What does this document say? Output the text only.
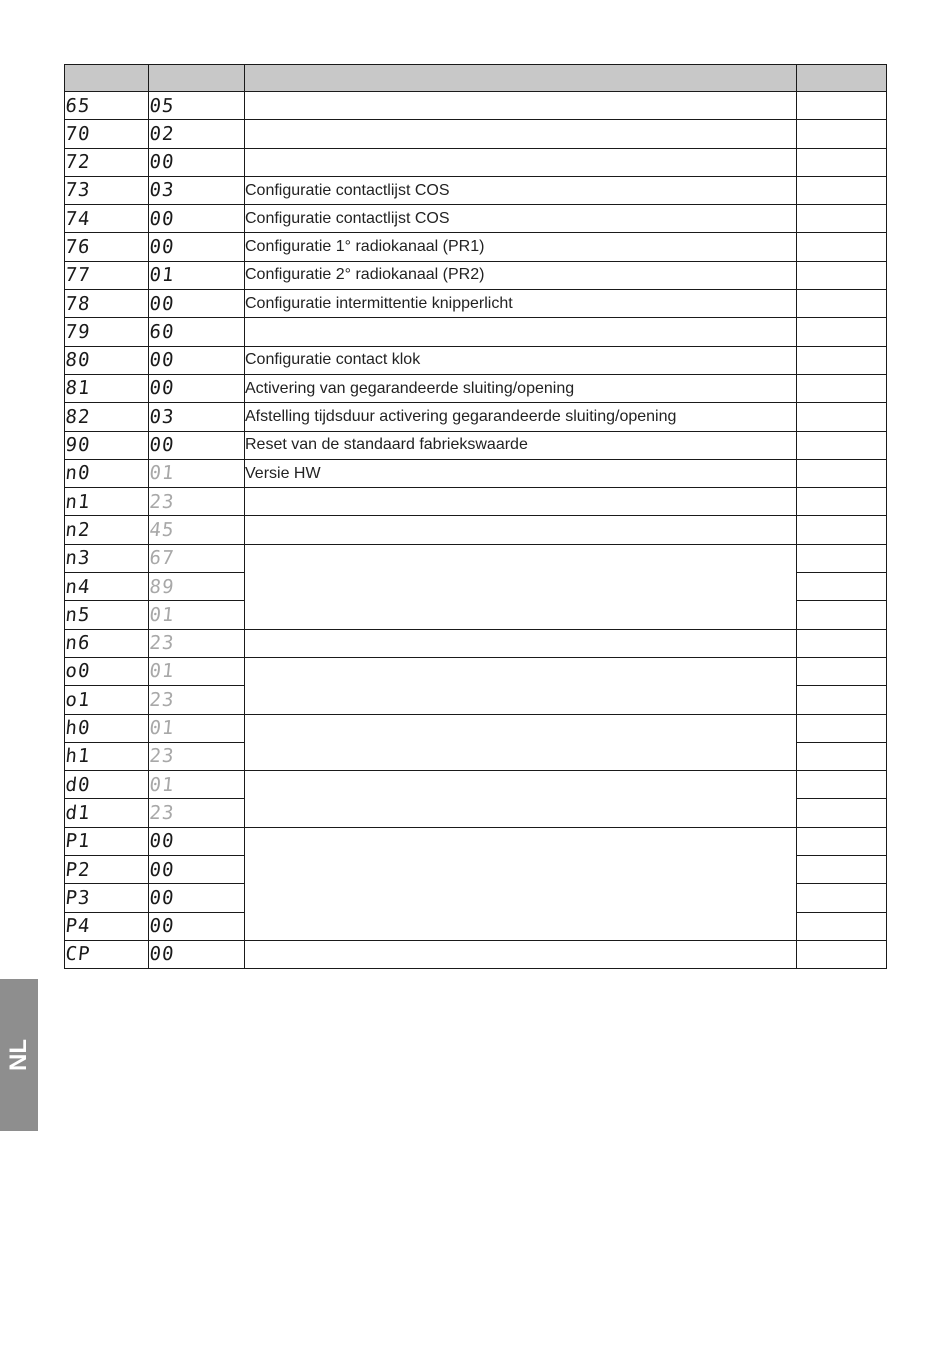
65	05		
70	02		
72	00		
73	03	Configuratie contactlijst COS	
74	00	Configuratie contactlijst COS	
76	00	Configuratie 1° radiokanaal (PR1)	
77	01	Configuratie 2° radiokanaal (PR2)	
78	00	Configuratie intermittentie knipperlicht	
79	60		
80	00	Configuratie contact klok	
81	00	Activering van gegarandeerde sluiting/opening	
82	03	Afstelling tijdsduur activering gegarandeerde sluiting/opening	
90	00	Reset van de standaard fabriekswaarde	
n0	01	Versie HW	
n1	23		
n2	45		
n3	67		
n4	89		
n5	01		
n6	23		
o0	01		
o1	23		
h0	01		
h1	23		
d0	01		
d1	23		
P1	00		
P2	00		
P3	00		
P4	00		
CP	00		
NL
